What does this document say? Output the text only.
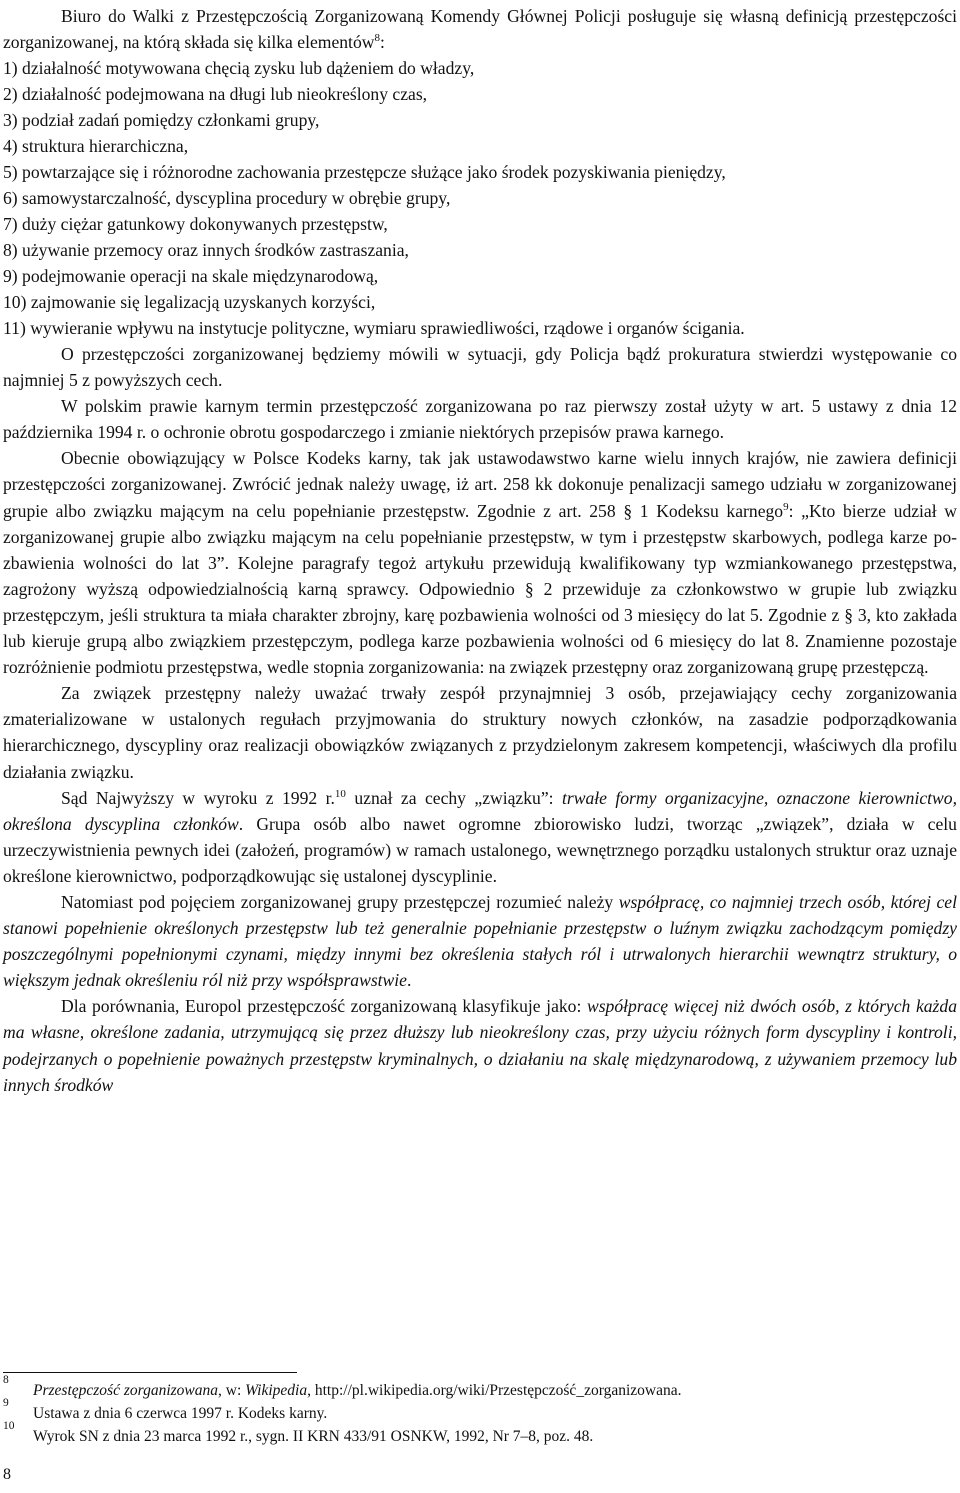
Biuro do Walki z Przestępczością Zorganizowaną Komendy Głównej Policji posługuje się własną definicją przestępczości zorganizowanej, na którą składa się kilka elementów$^8$:

1) działalność motywowana chęcią zysku lub dążeniem do władzy,
2) działalność podejmowana na długi lub nieokreślony czas,
3) podział zadań pomiędzy członkami grupy,
4) struktura hierarchiczna,
5) powtarzające się i różnorodne zachowania przestępcze służące jako środek pozyskiwania pieniędzy,
6) samowystarczalność, dyscyplina procedury w obrębie grupy,
7) duży ciężar gatunkowy dokonywanych przestępstw,
8) używanie przemocy oraz innych środków zastraszania,
9) podejmowanie operacji na skale międzynarodową,
10) zajmowanie się legalizacją uzyskanych korzyści,
11) wywieranie wpływu na instytucje polityczne, wymiaru sprawiedliwości, rządowe i organów ścigania.

O przestępczości zorganizowanej będziemy mówili w sytuacji, gdy Policja bądź prokuratura stwierdzi występowanie co najmniej 5 z powyższych cech.

W polskim prawie karnym termin przestępczość zorganizowana po raz pierwszy został użyty w art. 5 ustawy z dnia 12 października 1994 r. o ochronie obrotu gospodarczego i zmianie niektórych przepisów prawa karnego.

Obecnie obowiązujący w Polsce Kodeks karny, tak jak ustawodawstwo karne wielu innych krajów, nie zawiera definicji przestępczości zorganizowanej. Zwrócić jednak należy uwagę, iż art. 258 kk dokonuje penalizacji samego udziału w zorganizowanej grupie albo związku mającym na celu popełnianie przestępstw. Zgodnie z art. 258 § 1 Kodeksu karnego$^9$: „Kto bierze udział w zorganizowanej grupie albo związku mającym na celu popełnianie przestępstw, w tym i przestępstw skarbowych, podlega karze pozbawienia wolności do lat 3”. Kolejne paragrafy tegoż artykułu przewidują kwalifikowany typ wzmiankowanego przestępstwa, zagrożony wyższą odpowiedzialnością karną sprawcy. Odpowiednio § 2 przewiduje za członkowstwo w grupie lub związku przestępczym, jeśli struktura ta miała charakter zbrojny, karę pozbawienia wolności od 3 miesięcy do lat 5. Zgodnie z § 3, kto zakłada lub kieruje grupą albo związkiem przestępczym, podlega karze pozbawienia wolności od 6 miesięcy do lat 8. Znamienne pozostaje rozróżnienie podmiotu przestępstwa, wedle stopnia zorganizowania: na związek przestępny oraz zorganizowaną grupę przestępczą.

Za związek przestępny należy uważać trwały zespół przynajmniej 3 osób, przejawiający cechy zorganizowania zmaterializowane w ustalonych regułach przyjmowania do struktury nowych członków, na zasadzie podporządkowania hierarchicznego, dyscypliny oraz realizacji obowiązków związanych z przydzielonym zakresem kompetencji, właściwych dla profilu działania związku.

Sąd Najwyższy w wyroku z 1992 r.$^{10}$ uznał za cechy „związku”: trwałe formy organizacyjne, oznaczone kierownictwo, określona dyscyplina członków. Grupa osób albo nawet ogromne zbiorowisko ludzi, tworząc „związek”, działa w celu urzeczywistnienia pewnych idei (założeń, programów) w ramach ustalonego, wewnętrznego porządku ustalonych struktur oraz uznaje określone kierownictwo, podporządkowując się ustalonej dyscyplinie.

Natomiast pod pojęciem zorganizowanej grupy przestępczej rozumieć należy współpracę, co najmniej trzech osób, której cel stanowi popełnienie określonych przestępstw lub też generalnie popełnianie przestępstw o luźnym związku zachodzącym pomiędzy poszczególnymi popełnionymi czynami, między innymi bez określenia stałych ról i utrwalonych hierarchii wewnątrz struktury, o większym jednak określeniu ról niż przy współsprawstwie.

Dla porównania, Europol przestępczość zorganizowaną klasyfikuje jako: współpracę więcej niż dwóch osób, z których każda ma własne, określone zadania, utrzymującą się przez dłuższy lub nieokreślony czas, przy użyciu różnych form dyscypliny i kontroli, podejrzanych o popełnienie poważnych przestępstw kryminalnych, o działaniu na skalę międzynarodową, z używaniem przemocy lub innych środków

8
Przestępczość zorganizowana, w: Wikipedia, http://pl.wikipedia.org/wiki/Przestępczość_zorganizowana.
9
Ustawa z dnia 6 czerwca 1997 r. Kodeks karny.
10
Wyrok SN z dnia 23 marca 1992 r., sygn. II KRN 433/91 OSNKW, 1992, Nr 7–8, poz. 48.
8
